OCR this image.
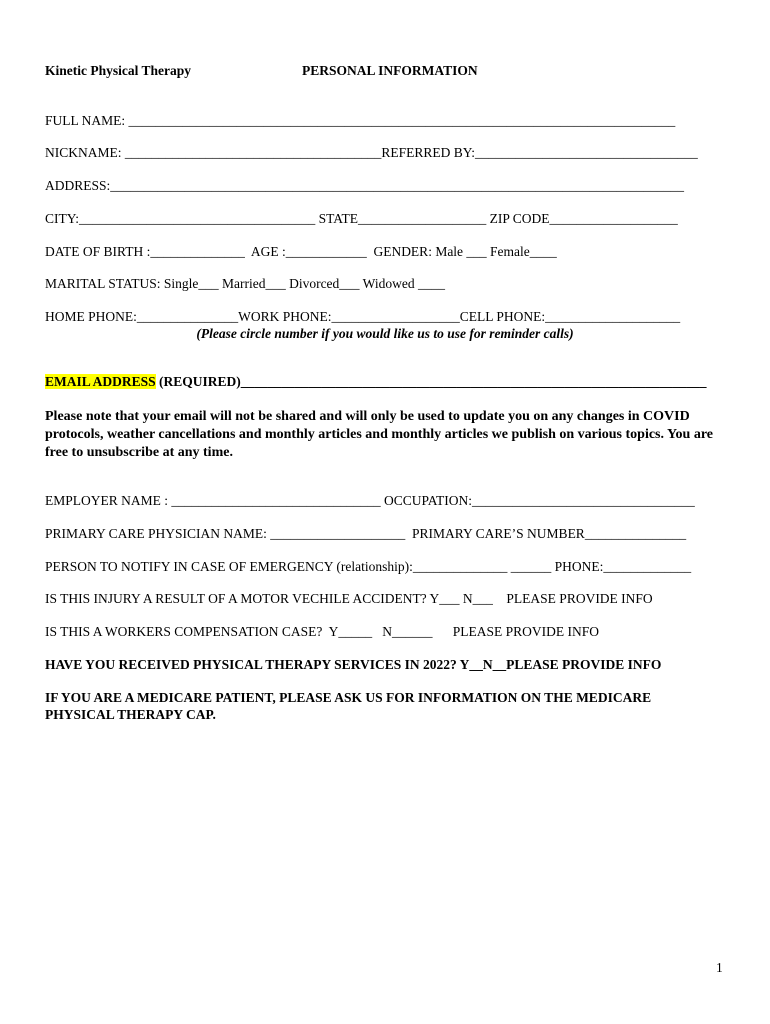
Kinetic Physical Therapy	PERSONAL INFORMATION
FULL NAME: _________________________________________________________________________________
NICKNAME: ______________________________________REFERRED BY:_________________________________
ADDRESS:_____________________________________________________________________________________
CITY:___________________________________ STATE___________________ ZIP CODE___________________
DATE OF BIRTH :______________  AGE :____________  GENDER: Male ___ Female____
MARITAL STATUS: Single___ Married___ Divorced___ Widowed ____
HOME PHONE:_______________WORK PHONE:___________________CELL PHONE:____________________
(Please circle number if you would like us to use for reminder calls)
EMAIL ADDRESS (REQUIRED)_____________________________________________________________________
Please note that your email will not be shared and will only be used to update you on any changes in COVID protocols, weather cancellations and monthly articles and monthly articles we publish on various topics. You are free to unsubscribe at any time.
EMPLOYER NAME : _______________________________ OCCUPATION:_________________________________
PRIMARY CARE PHYSICIAN NAME: ____________________  PRIMARY CARE’S NUMBER_______________
PERSON TO NOTIFY IN CASE OF EMERGENCY (relationship):______________ ______ PHONE:_____________
IS THIS INJURY A RESULT OF A MOTOR VECHILE ACCIDENT? Y___ N___    PLEASE PROVIDE INFO
IS THIS A WORKERS COMPENSATION CASE?  Y_____   N______      PLEASE PROVIDE INFO
HAVE YOU RECEIVED PHYSICAL THERAPY SERVICES IN 2022? Y__N__PLEASE PROVIDE INFO
IF YOU ARE A MEDICARE PATIENT, PLEASE ASK US FOR INFORMATION ON THE MEDICARE PHYSICAL THERAPY CAP.
1
